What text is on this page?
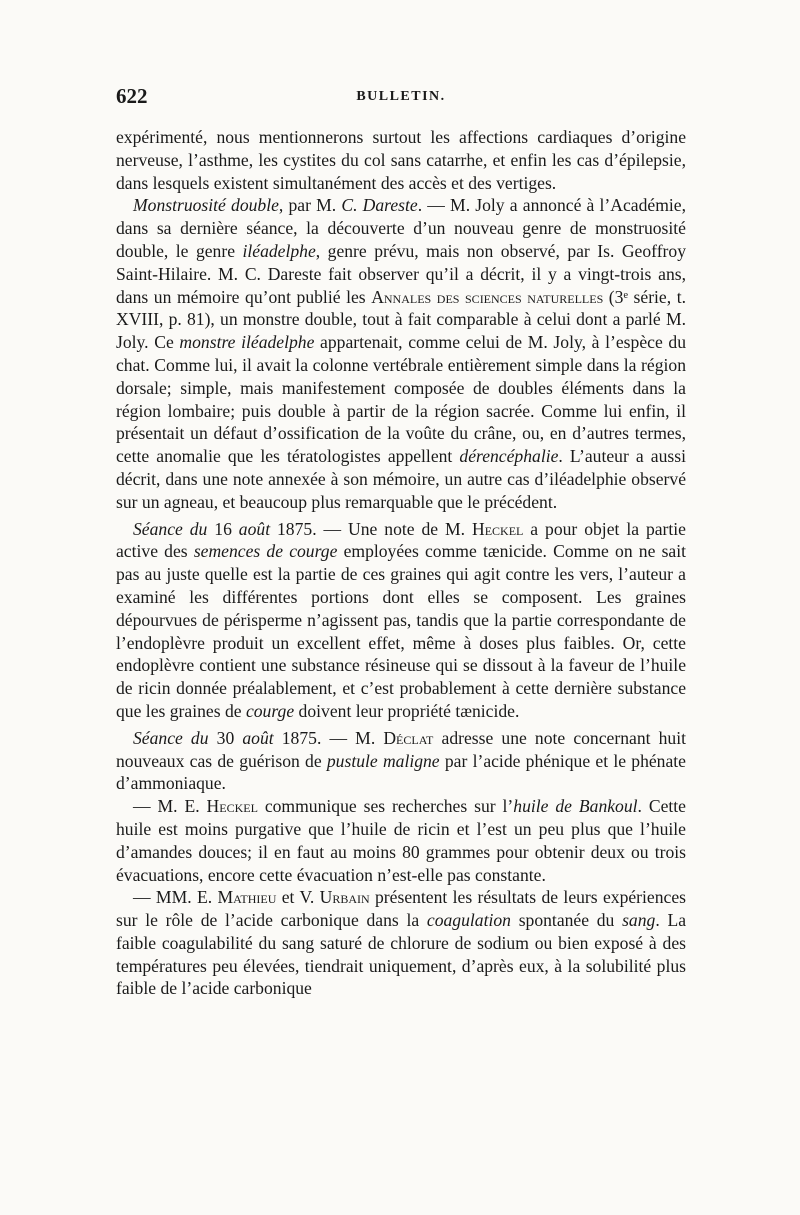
622	BULLETIN.

expérimenté, nous mentionnerons surtout les affections cardiaques d’origine nerveuse, l’asthme, les cystites du col sans catarrhe, et enfin les cas d’épilepsie, dans lesquels existent simultanément des accès et des vertiges.

Monstruosité double, par M. C. Dareste. — M. Joly a annoncé à l’Académie, dans sa dernière séance, la découverte d’un nouveau genre de monstruosité double, le genre iléadelphe, genre prévu, mais non observé, par Is. Geoffroy Saint-Hilaire. M. C. Dareste fait observer qu’il a décrit, il y a vingt-trois ans, dans un mémoire qu’ont publié les Annales des sciences naturelles (3ᵉ série, t. XVIII, p. 81), un monstre double, tout à fait comparable à celui dont a parlé M. Joly. Ce monstre iléadelphe appartenait, comme celui de M. Joly, à l’espèce du chat. Comme lui, il avait la colonne vertébrale entièrement simple dans la région dorsale; simple, mais manifestement composée de doubles éléments dans la région lombaire; puis double à partir de la région sacrée. Comme lui enfin, il présentait un défaut d’ossification de la voûte du crâne, ou, en d’autres termes, cette anomalie que les tératologistes appellent dérencéphalie. L’auteur a aussi décrit, dans une note annexée à son mémoire, un autre cas d’iléadelphie observé sur un agneau, et beaucoup plus remarquable que le précédent.

Séance du 16 août 1875. — Une note de M. Heckel a pour objet la partie active des semences de courge employées comme tænicide. Comme on ne sait pas au juste quelle est la partie de ces graines qui agit contre les vers, l’auteur a examiné les différentes portions dont elles se composent. Les graines dépourvues de périsperme n’agissent pas, tandis que la partie correspondante de l’endoplèvre produit un excellent effet, même à doses plus faibles. Or, cette endoplèvre contient une substance résineuse qui se dissout à la faveur de l’huile de ricin donnée préalablement, et c’est probablement à cette dernière substance que les graines de courge doivent leur propriété tænicide.

Séance du 30 août 1875. — M. Déclat adresse une note concernant huit nouveaux cas de guérison de pustule maligne par l’acide phénique et le phénate d’ammoniaque.

— M. E. Heckel communique ses recherches sur l’huile de Bankoul. Cette huile est moins purgative que l’huile de ricin et l’est un peu plus que l’huile d’amandes douces; il en faut au moins 80 grammes pour obtenir deux ou trois évacuations, encore cette évacuation n’est-elle pas constante.

— MM. E. Mathieu et V. Urbain présentent les résultats de leurs expériences sur le rôle de l’acide carbonique dans la coagulation spontanée du sang. La faible coagulabilité du sang saturé de chlorure de sodium ou bien exposé à des températures peu élevées, tiendrait uniquement, d’après eux, à la solubilité plus faible de l’acide carbonique
